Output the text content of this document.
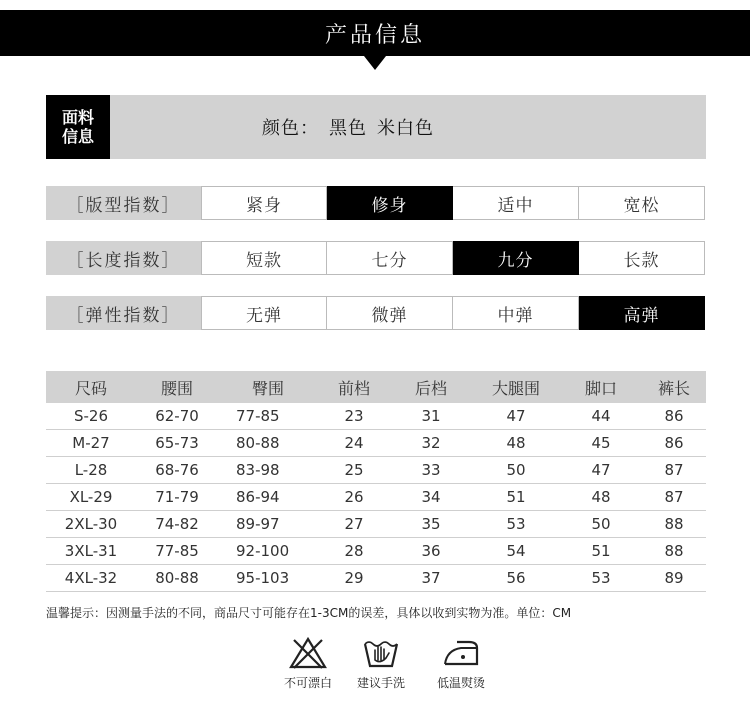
产品信息
面料
信息	颜色： 黑色 米白色
［版型指数］	紧身	修身	适中	宽松
［长度指数］	短款	七分	九分	长款
［弹性指数］	无弹	微弹	中弹	高弹
尺码	腰围	臀围	前档	后档	大腿围	脚口	裤长
S-26	62-70	77-85	23	31	47	44	86
M-27	65-73	80-88	24	32	48	45	86
L-28	68-76	83-98	25	33	50	47	87
XL-29	71-79	86-94	26	34	51	48	87
2XL-30	74-82	89-97	27	35	53	50	88
3XL-31	77-85	92-100	28	36	54	51	88
4XL-32	80-88	95-103	29	37	56	53	89
温馨提示：因测量手法的不同，商品尺寸可能存在1-3CM的误差，具体以收到实物为准。单位：CM
不可漂白	建议手洗	低温熨烫
